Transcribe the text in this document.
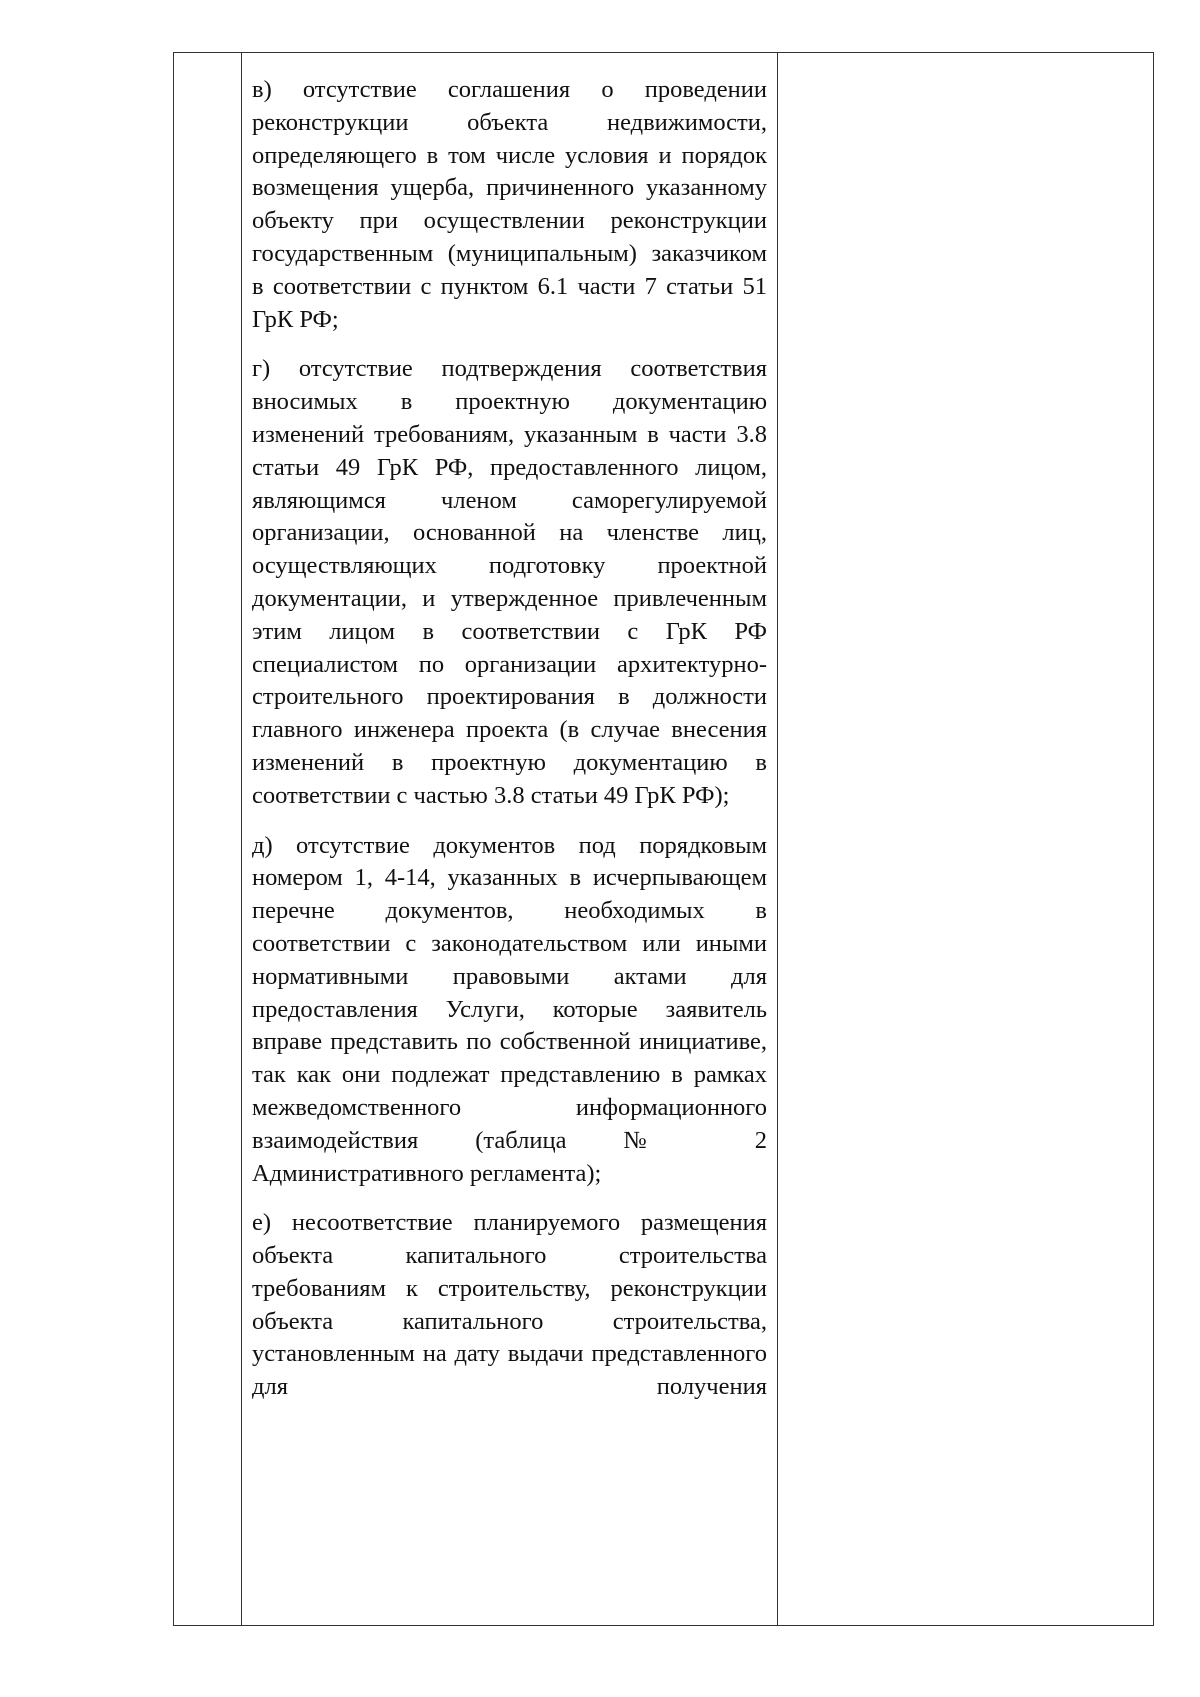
в) отсутствие соглашения о проведении реконструкции объекта недвижимости, определяющего в том числе условия и порядок возмещения ущерба, причиненного указанному объекту при осуществлении реконструкции государственным (муниципальным) заказчиком в соответствии с пунктом 6.1 части 7 статьи 51 ГрК РФ;

г) отсутствие подтверждения соответствия вносимых в проектную документацию изменений требованиям, указанным в части 3.8 статьи 49 ГрК РФ, предоставленного лицом, являющимся членом саморегулируемой организации, основанной на членстве лиц, осуществляющих подготовку проектной документации, и утвержденное привлеченным этим лицом в соответствии с ГрК РФ специалистом по организации архитектурно-строительного проектирования в должности главного инженера проекта (в случае внесения изменений в проектную документацию в соответствии с частью 3.8 статьи 49 ГрК РФ);

д) отсутствие документов под порядковым номером 1, 4-14, указанных в исчерпывающем перечне документов, необходимых в соответствии с законодательством или иными нормативными правовыми актами для предоставления Услуги, которые заявитель вправе представить по собственной инициативе, так как они подлежат представлению в рамках межведомственного информационного взаимодействия (таблица № 2 Административного регламента);

е) несоответствие планируемого размещения объекта капитального строительства требованиям к строительству, реконструкции объекта капитального строительства, установленным на дату выдачи представленного для получения
